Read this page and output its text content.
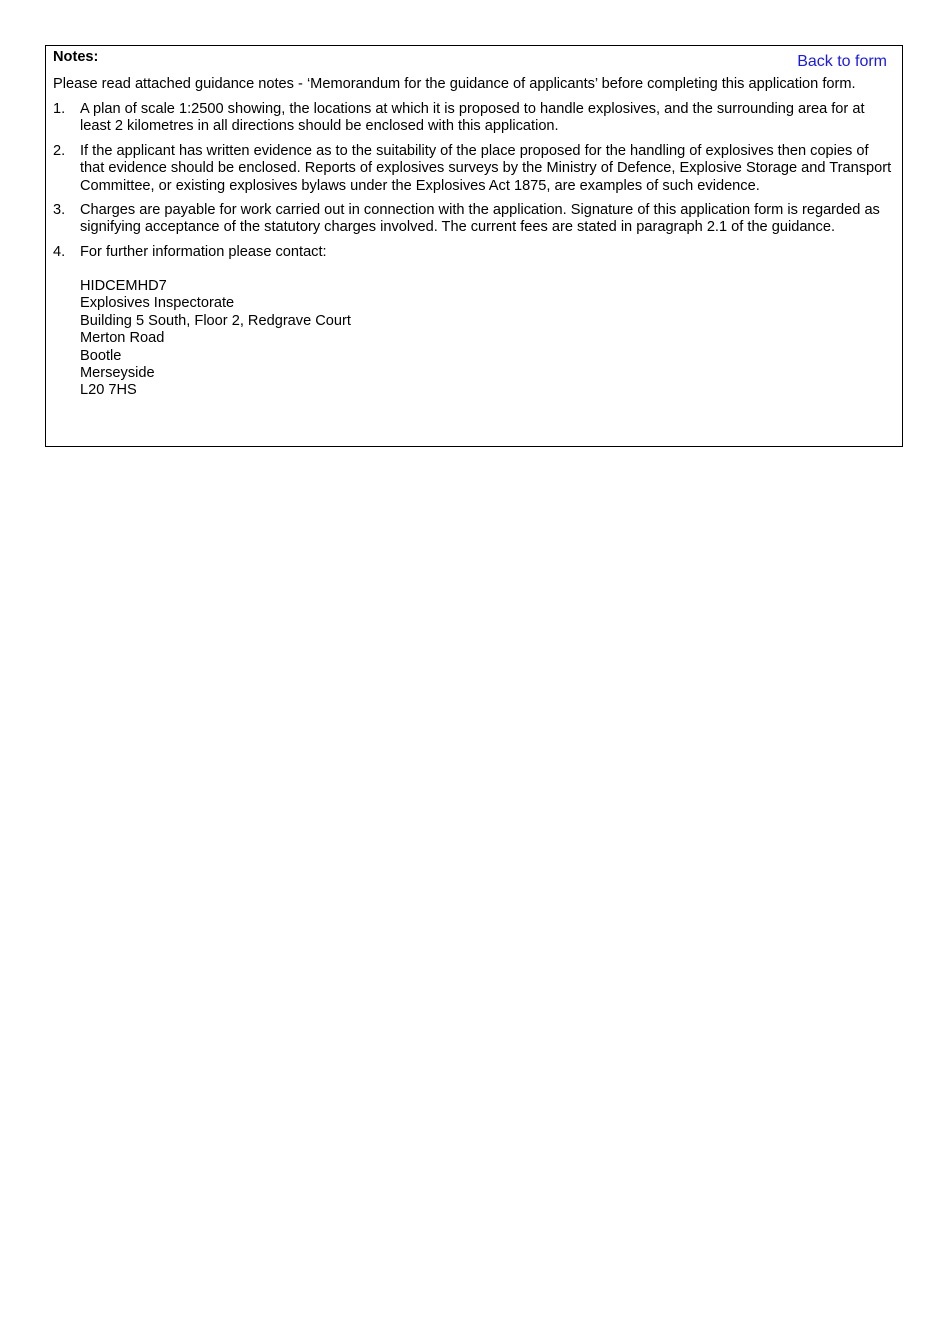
Notes:	Back to form

Please read attached guidance notes - ‘Memorandum for the guidance of applicants’ before completing this application form.

1.	A plan of scale 1:2500 showing, the locations at which it is proposed to handle explosives, and the surrounding area for at least 2 kilometres in all directions should be enclosed with this application.
2.	If the applicant has written evidence as to the suitability of the place proposed for the handling of explosives then copies of that evidence should be enclosed. Reports of explosives surveys by the Ministry of Defence, Explosive Storage and Transport Committee, or existing explosives bylaws under the Explosives Act 1875, are examples of such evidence.
3.	Charges are payable for work carried out in connection with the application. Signature of this application form is regarded as signifying acceptance of the statutory charges involved. The current fees are stated in paragraph 2.1 of the guidance.
4.	For further information please contact:
HIDCEMHD7
Explosives Inspectorate
Building 5 South, Floor 2, Redgrave Court
Merton Road
Bootle
Merseyside
L20 7HS
